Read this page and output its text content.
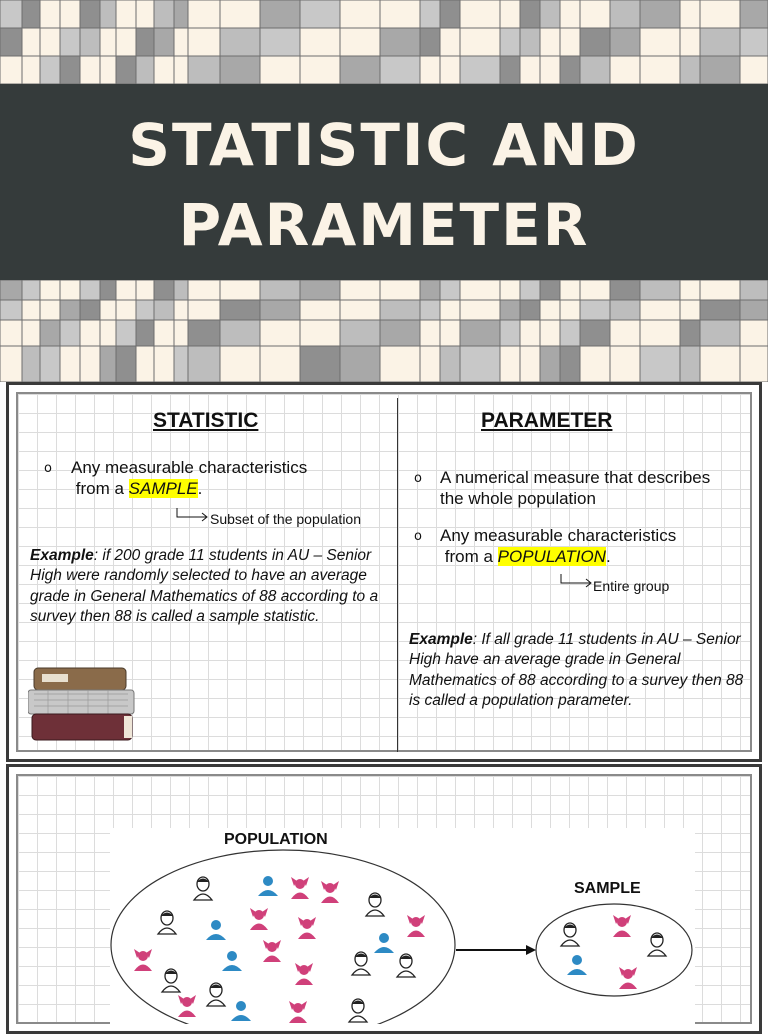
STATISTIC AND
PARAMETER
STATISTIC
o Any measurable characteristics
from a SAMPLE.
Subset of the population
Example: if 200 grade 11 students in AU – Senior High were randomly selected to have an average grade in General Mathematics of 88 according to a survey then 88 is called a sample statistic.
PARAMETER
o A numerical measure that describes the whole population
o Any measurable characteristics
from a POPULATION.
Entire group
Example: If all grade 11 students in AU – Senior High have an average grade in General Mathematics of 88 according to a survey then 88 is called a population parameter.
POPULATION
SAMPLE
